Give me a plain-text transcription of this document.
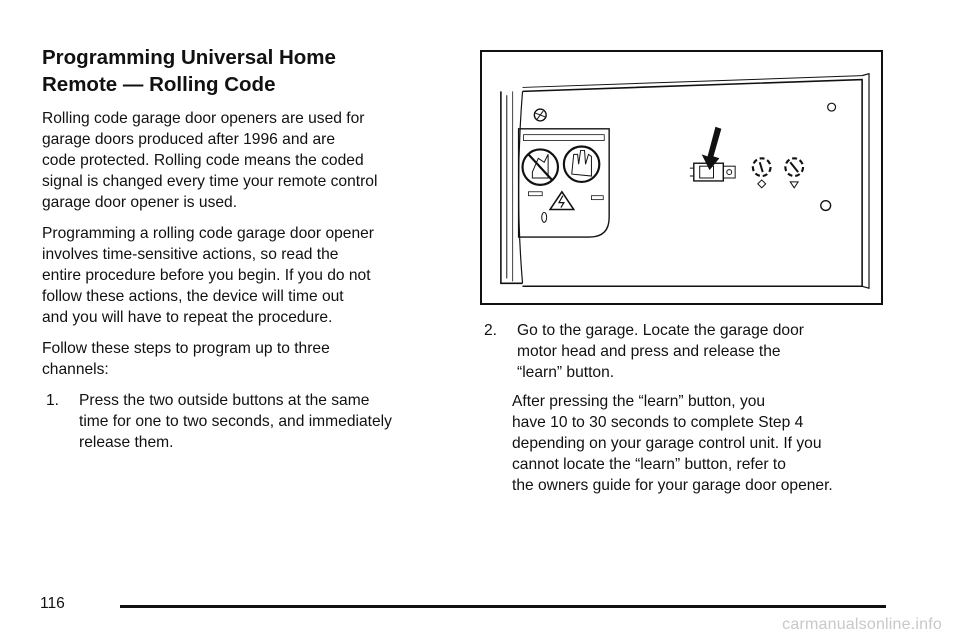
Programming Universal Home
Remote — Rolling Code

Rolling code garage door openers are used for
garage doors produced after 1996 and are
code protected. Rolling code means the coded
signal is changed every time your remote control
garage door opener is used.

Programming a rolling code garage door opener
involves time-sensitive actions, so read the
entire procedure before you begin. If you do not
follow these actions, the device will time out
and you will have to repeat the procedure.

Follow these steps to program up to three
channels:

1.	Press the two outside buttons at the same
time for one to two seconds, and immediately
release them.
2.	Go to the garage. Locate the garage door
motor head and press and release the
“learn” button.

After pressing the “learn” button, you
have 10 to 30 seconds to complete Step 4
depending on your garage control unit. If you
cannot locate the “learn” button, refer to
the owners guide for your garage door opener.

116
carmanualsonline.info
